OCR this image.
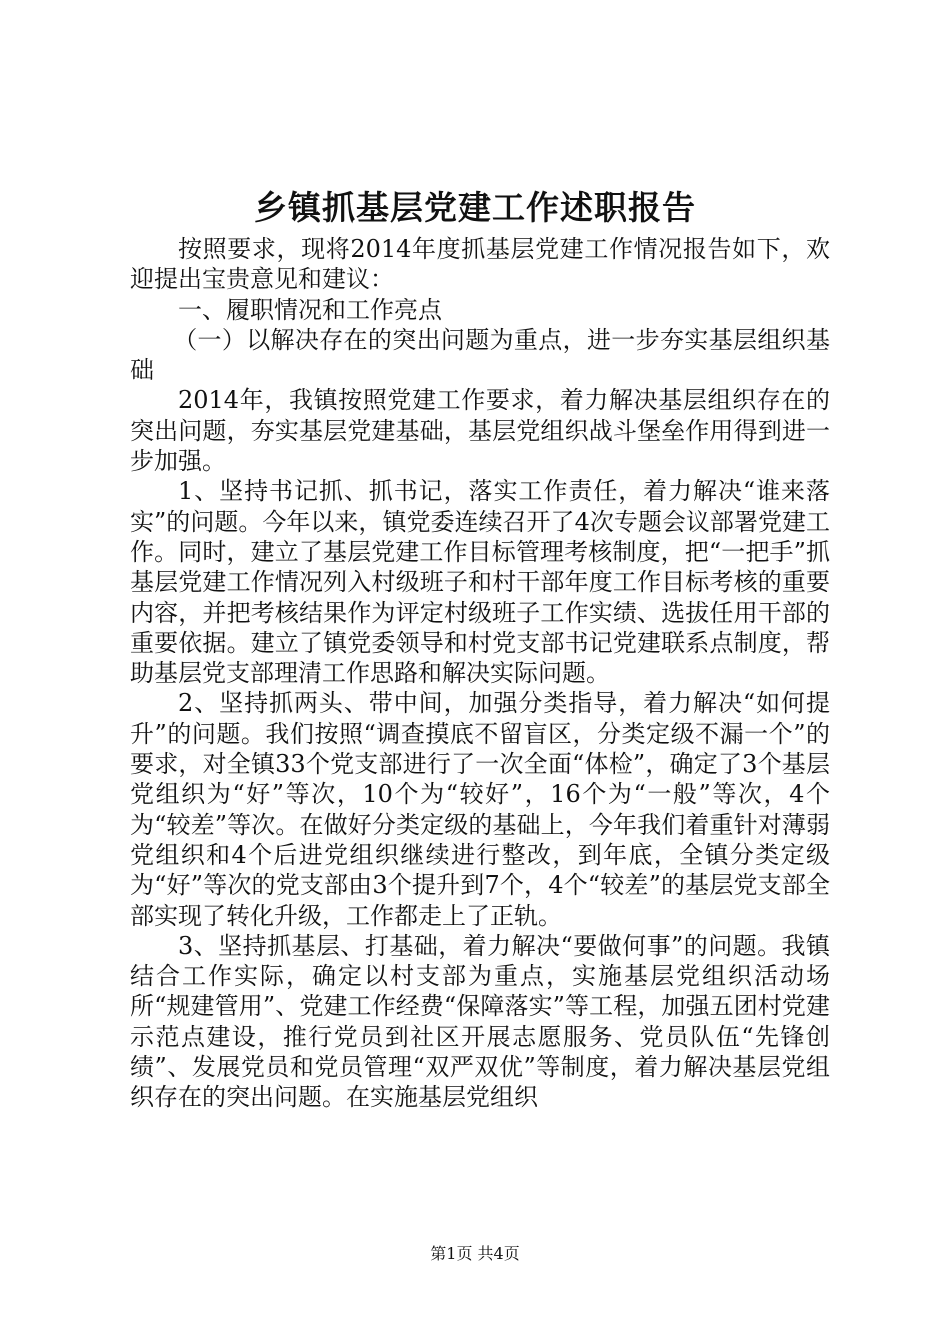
乡镇抓基层党建工作述职报告

按照要求，现将2014年度抓基层党建工作情况报告如下，欢迎提出宝贵意见和建议：

一、履职情况和工作亮点

（一）以解决存在的突出问题为重点，进一步夯实基层组织基础

2014年，我镇按照党建工作要求，着力解决基层组织存在的突出问题，夯实基层党建基础，基层党组织战斗堡垒作用得到进一步加强。

1、坚持书记抓、抓书记，落实工作责任，着力解决“谁来落实”的问题。今年以来，镇党委连续召开了4次专题会议部署党建工作。同时，建立了基层党建工作目标管理考核制度，把“一把手”抓基层党建工作情况列入村级班子和村干部年度工作目标考核的重要内容，并把考核结果作为评定村级班子工作实绩、选拔任用干部的重要依据。建立了镇党委领导和村党支部书记党建联系点制度，帮助基层党支部理清工作思路和解决实际问题。

2、坚持抓两头、带中间，加强分类指导，着力解决“如何提升”的问题。我们按照“调查摸底不留盲区，分类定级不漏一个”的要求，对全镇33个党支部进行了一次全面“体检”，确定了3个基层党组织为“好”等次，10个为“较好”，16个为“一般”等次，4个为“较差”等次。在做好分类定级的基础上，今年我们着重针对薄弱党组织和4个后进党组织继续进行整改，到年底，全镇分类定级为“好”等次的党支部由3个提升到7个，4个“较差”的基层党支部全部实现了转化升级，工作都走上了正轨。

3、坚持抓基层、打基础，着力解决“要做何事”的问题。我镇结合工作实际，确定以村支部为重点，实施基层党组织活动场所“规建管用”、党建工作经费“保障落实”等工程，加强五团村党建示范点建设，推行党员到社区开展志愿服务、党员队伍“先锋创绩”、发展党员和党员管理“双严双优”等制度，着力解决基层党组织存在的突出问题。在实施基层党组织

第1页 共4页
